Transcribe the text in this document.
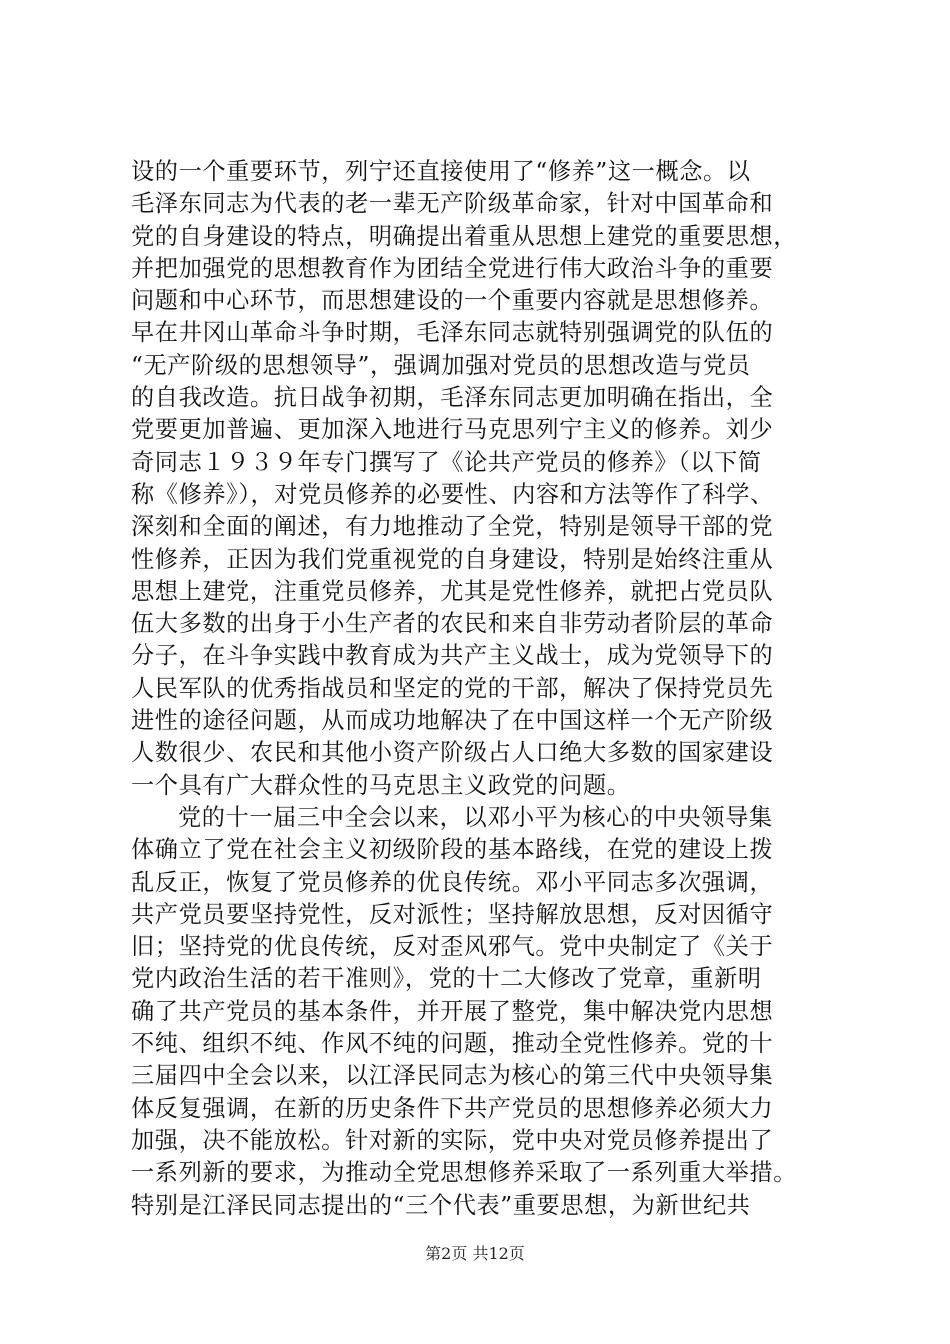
设的一个重要环节，列宁还直接使用了“修养”这一概念。以
毛泽东同志为代表的老一辈无产阶级革命家，针对中国革命和
党的自身建设的特点，明确提出着重从思想上建党的重要思想，
并把加强党的思想教育作为团结全党进行伟大政治斗争的重要
问题和中心环节，而思想建设的一个重要内容就是思想修养。
早在井冈山革命斗争时期，毛泽东同志就特别强调党的队伍的
“无产阶级的思想领导”，强调加强对党员的思想改造与党员
的自我改造。抗日战争初期，毛泽东同志更加明确在指出，全
党要更加普遍、更加深入地进行马克思列宁主义的修养。刘少
奇同志１９３９年专门撰写了《论共产党员的修养》（以下简
称《修养》），对党员修养的必要性、内容和方法等作了科学、
深刻和全面的阐述，有力地推动了全党，特别是领导干部的党
性修养，正因为我们党重视党的自身建设，特别是始终注重从
思想上建党，注重党员修养，尤其是党性修养，就把占党员队
伍大多数的出身于小生产者的农民和来自非劳动者阶层的革命
分子，在斗争实践中教育成为共产主义战士，成为党领导下的
人民军队的优秀指战员和坚定的党的干部，解决了保持党员先
进性的途径问题，从而成功地解决了在中国这样一个无产阶级
人数很少、农民和其他小资产阶级占人口绝大多数的国家建设
一个具有广大群众性的马克思主义政党的问题。
党的十一届三中全会以来，以邓小平为核心的中央领导集
体确立了党在社会主义初级阶段的基本路线，在党的建设上拨
乱反正，恢复了党员修养的优良传统。邓小平同志多次强调，
共产党员要坚持党性，反对派性；坚持解放思想，反对因循守
旧；坚持党的优良传统，反对歪风邪气。党中央制定了《关于
党内政治生活的若干准则》，党的十二大修改了党章，重新明
确了共产党员的基本条件，并开展了整党，集中解决党内思想
不纯、组织不纯、作风不纯的问题，推动全党性修养。党的十
三届四中全会以来，以江泽民同志为核心的第三代中央领导集
体反复强调，在新的历史条件下共产党员的思想修养必须大力
加强，决不能放松。针对新的实际，党中央对党员修养提出了
一系列新的要求，为推动全党思想修养采取了一系列重大举措。
特别是江泽民同志提出的“三个代表”重要思想，为新世纪共
第2页 共12页
